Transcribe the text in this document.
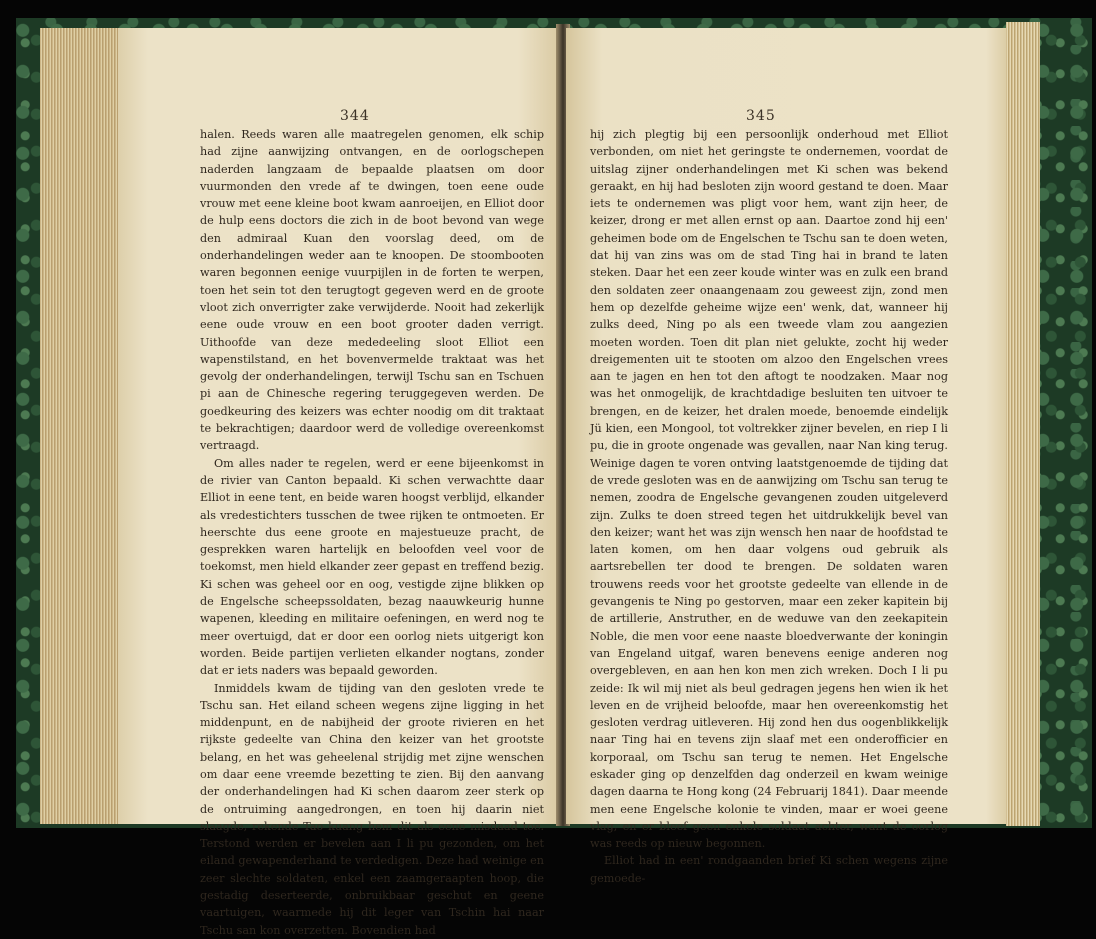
344

halen. Reeds waren alle maatregelen genomen, elk schip had zijne aanwijzing ontvangen, en de oorlogschepen naderden langzaam de bepaalde plaatsen om door vuurmonden den vrede af te dwingen, toen eene oude vrouw met eene kleine boot kwam aanroeijen, en Elliot door de hulp eens doctors die zich in de boot bevond van wege den admiraal Kuan den voorslag deed, om de onderhandelingen weder aan te knoopen. De stoombooten waren begonnen eenige vuurpijlen in de forten te werpen, toen het sein tot den terugtogt gegeven werd en de groote vloot zich onverrigter zake verwijderde. Nooit had zekerlijk eene oude vrouw en een boot grooter daden verrigt. Uithoofde van deze mededeeling sloot Elliot een wapenstilstand, en het bovenvermelde traktaat was het gevolg der onderhandelingen, terwijl Tschu san en Tschuen pi aan de Chinesche regering teruggegeven werden. De goedkeuring des keizers was echter noodig om dit traktaat te bekrachtigen; daardoor werd de volledige overeenkomst vertraagd.

Om alles nader te regelen, werd er eene bijeenkomst in de rivier van Canton bepaald. Ki schen verwachtte daar Elliot in eene tent, en beide waren hoogst verblijd, elkander als vredestichters tusschen de twee rijken te ontmoeten. Er heerschte dus eene groote en majestueuze pracht, de gesprekken waren hartelijk en beloofden veel voor de toekomst, men hield elkander zeer gepast en treffend bezig. Ki schen was geheel oor en oog, vestigde zijne blikken op de Engelsche scheepssoldaten, bezag naauwkeurig hunne wapenen, kleeding en militaire oefeningen, en werd nog te meer overtuigd, dat er door een oorlog niets uitgerigt kon worden. Beide partijen verlieten elkander nogtans, zonder dat er iets naders was bepaald geworden.

Inmiddels kwam de tijding van den gesloten vrede te Tschu san. Het eiland scheen wegens zijne ligging in het middenpunt, en de nabijheid der groote rivieren en het rijkste gedeelte van China den keizer van het grootste belang, en het was geheelenal strijdig met zijne wenschen om daar eene vreemde bezetting te zien. Bij den aanvang der onderhandelingen had Ki schen daarom zeer sterk op de ontruiming aangedrongen, en toen hij daarin niet slaagde, rekende Tao kuang hem dit als eene misdaad toe. Terstond werden er bevelen aan I li pu gezonden, om het eiland gewapenderhand te verdedigen. Deze had weinige en zeer slechte soldaten, enkel een zaamgeraapten hoop, die gestadig deserteerde, onbruikbaar geschut en geene vaartuigen, waarmede hij dit leger van Tschin hai naar Tschu san kon overzetten. Bovendien had

345

hij zich plegtig bij een persoonlijk onderhoud met Elliot verbonden, om niet het geringste te ondernemen, voordat de uitslag zijner onderhandelingen met Ki schen was bekend geraakt, en hij had besloten zijn woord gestand te doen. Maar iets te ondernemen was pligt voor hem, want zijn heer, de keizer, drong er met allen ernst op aan. Daartoe zond hij een' geheimen bode om de Engelschen te Tschu san te doen weten, dat hij van zins was om de stad Ting hai in brand te laten steken. Daar het een zeer koude winter was en zulk een brand den soldaten zeer onaangenaam zou geweest zijn, zond men hem op dezelfde geheime wijze een' wenk, dat, wanneer hij zulks deed, Ning po als een tweede vlam zou aangezien moeten worden. Toen dit plan niet gelukte, zocht hij weder dreigementen uit te stooten om alzoo den Engelschen vrees aan te jagen en hen tot den aftogt te noodzaken. Maar nog was het onmogelijk, de krachtdadige besluiten ten uitvoer te brengen, en de keizer, het dralen moede, benoemde eindelijk Jü kien, een Mongool, tot voltrekker zijner bevelen, en riep I li pu, die in groote ongenade was gevallen, naar Nan king terug. Weinige dagen te voren ontving laatstgenoemde de tijding dat de vrede gesloten was en de aanwijzing om Tschu san terug te nemen, zoodra de Engelsche gevangenen zouden uitgeleverd zijn. Zulks te doen streed tegen het uitdrukkelijk bevel van den keizer; want het was zijn wensch hen naar de hoofdstad te laten komen, om hen daar volgens oud gebruik als aartsrebellen ter dood te brengen. De soldaten waren trouwens reeds voor het grootste gedeelte van ellende in de gevangenis te Ning po gestorven, maar een zeker kapitein bij de artillerie, Anstruther, en de weduwe van den zeekapitein Noble, die men voor eene naaste bloedverwante der koningin van Engeland uitgaf, waren benevens eenige anderen nog overgebleven, en aan hen kon men zich wreken. Doch I li pu zeide: Ik wil mij niet als beul gedragen jegens hen wien ik het leven en de vrijheid beloofde, maar hen overeenkomstig het gesloten verdrag uitleveren. Hij zond hen dus oogenblikkelijk naar Ting hai en tevens zijn slaaf met een onderofficier en korporaal, om Tschu san terug te nemen. Het Engelsche eskader ging op denzelfden dag onderzeil en kwam weinige dagen daarna te Hong kong (24 Februarij 1841). Daar meende men eene Engelsche kolonie te vinden, maar er woei geene vlag, en er bleef geen enkele soldaat achter, want de oorlog was reeds op nieuw begonnen.

Elliot had in een' rondgaanden brief Ki schen wegens zijne gemoede-
